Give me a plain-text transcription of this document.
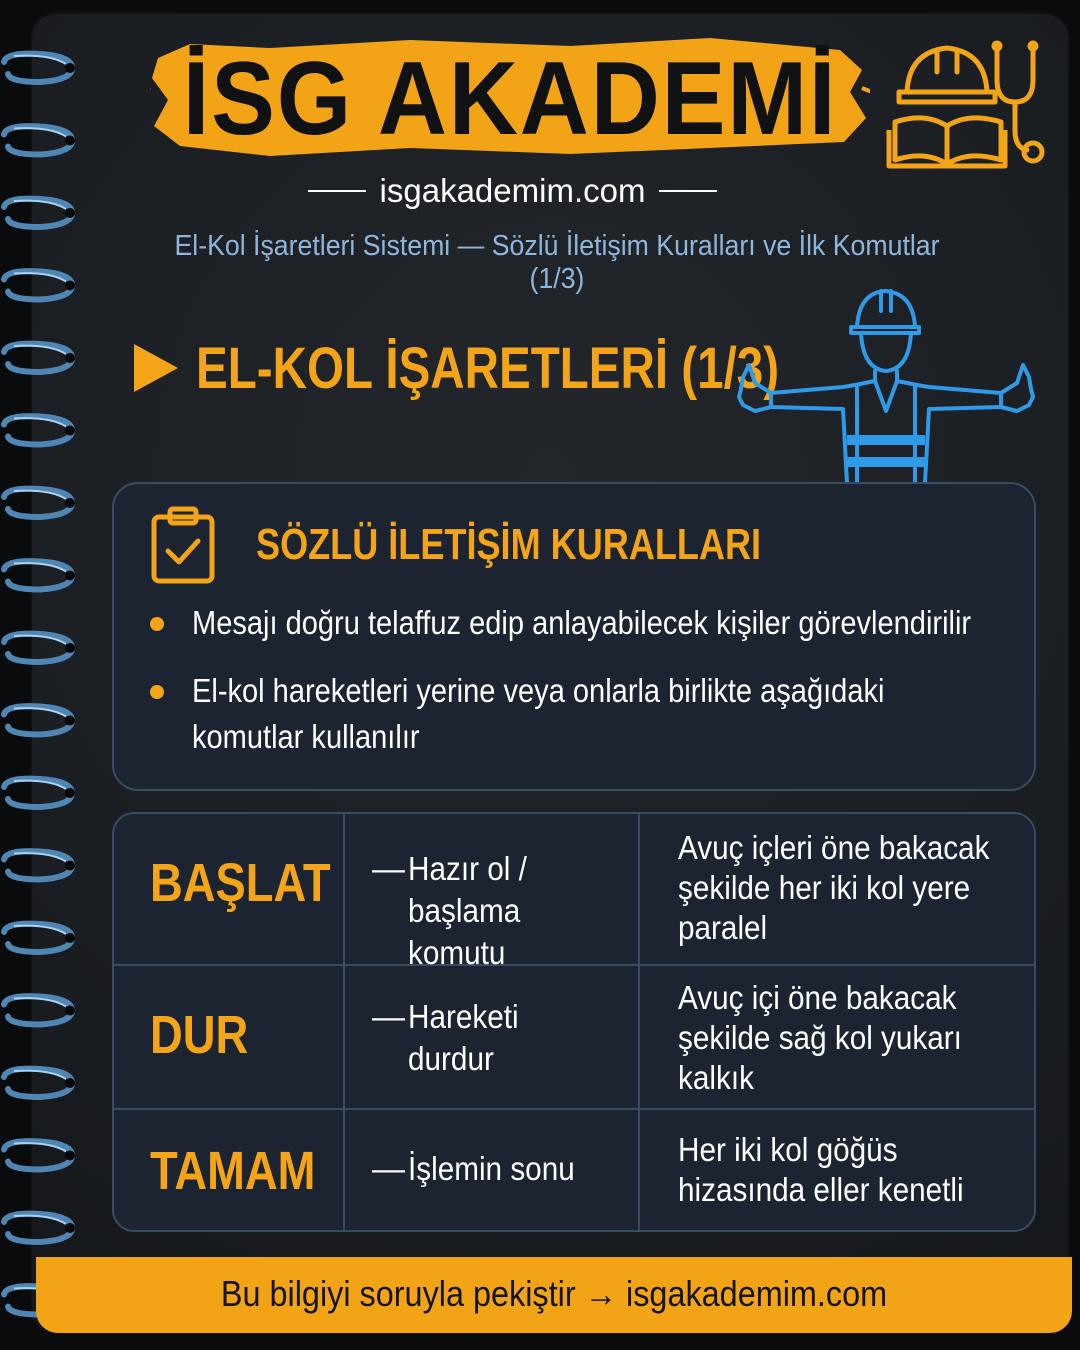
İSG AKADEMİ
isgakademim.com
El-Kol İşaretleri Sistemi — Sözlü İletişim Kuralları ve İlk Komutlar (1/3)
EL-KOL İŞARETLERİ (1/3)
SÖZLÜ İLETİŞİM KURALLARI
Mesajı doğru telaffuz edip anlayabilecek kişiler görevlendirilir
El-kol hareketleri yerine veya onlarla birlikte aşağıdaki komutlar kullanılır
BAŞLAT — Hazır ol / başlama komutu
Avuç içleri öne bakacak şekilde her iki kol yere paralel
DUR	— Hareketi durdur
Avuç içi öne bakacak şekilde sağ kol yukarı kalkık
TAMAM — İşlemin sonu
Her iki kol göğüs hizasında eller kenetli
Bu bilgiyi soruyla pekiştir → isgakademim.com
